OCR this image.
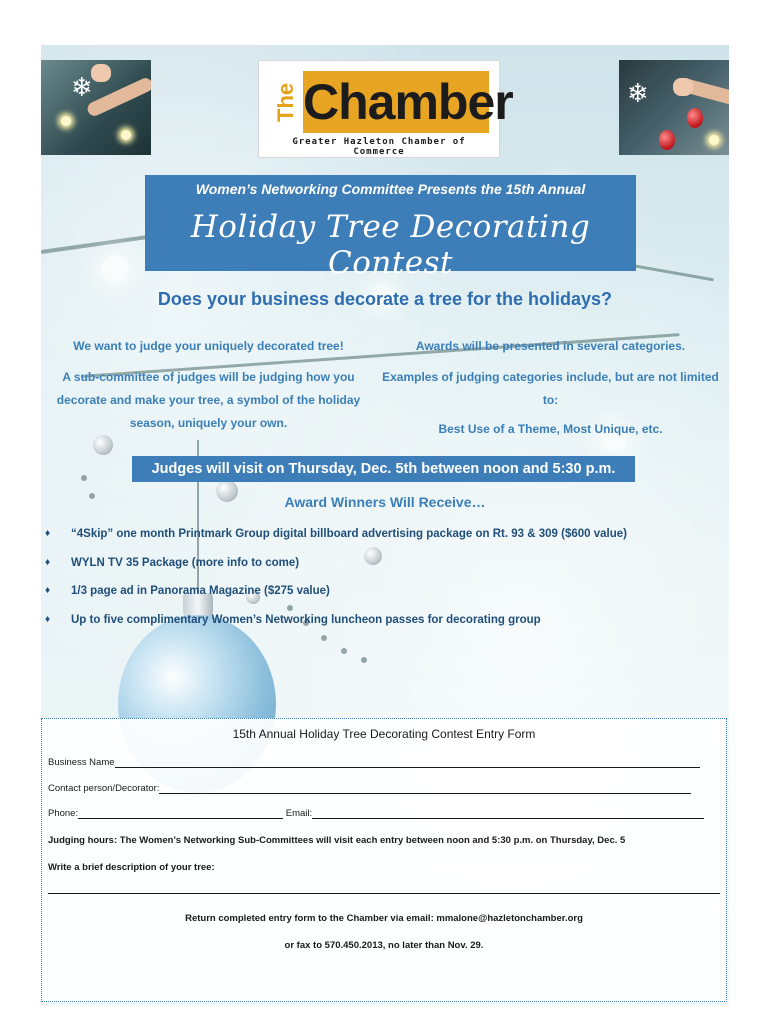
❄	❄
The Chamber
Greater Hazleton Chamber of Commerce
Women’s Networking Committee Presents the 15th Annual
Holiday Tree Decorating Contest
Does your business decorate a tree for the holidays?
We want to judge your uniquely decorated tree!
A sub-committee of judges will be judging how you decorate and make your tree, a symbol of the holiday season, uniquely your own.
Awards will be presented in several categories.
Examples of judging categories include, but are not limited to:
Best Use of a Theme, Most Unique, etc.
Judges will visit on Thursday, Dec. 5th between noon and 5:30 p.m.
Award Winners Will Receive…
♦ “4Skip” one month Printmark Group digital billboard advertising package on Rt. 93 & 309 ($600 value)
♦ WYLN TV 35 Package (more info to come)
♦ 1/3 page ad in Panorama Magazine ($275 value)
♦ Up to five complimentary Women’s Networking luncheon passes for decorating group
15th Annual Holiday Tree Decorating Contest Entry Form
Business Name
Contact person/Decorator:
Phone:	Email:
Judging hours: The Women’s Networking Sub-Committees will visit each entry between noon and 5:30 p.m. on Thursday, Dec. 5
Write a brief description of your tree:
Return completed entry form to the Chamber via email: mmalone@hazletonchamber.org
or fax to 570.450.2013, no later than Nov. 29.
